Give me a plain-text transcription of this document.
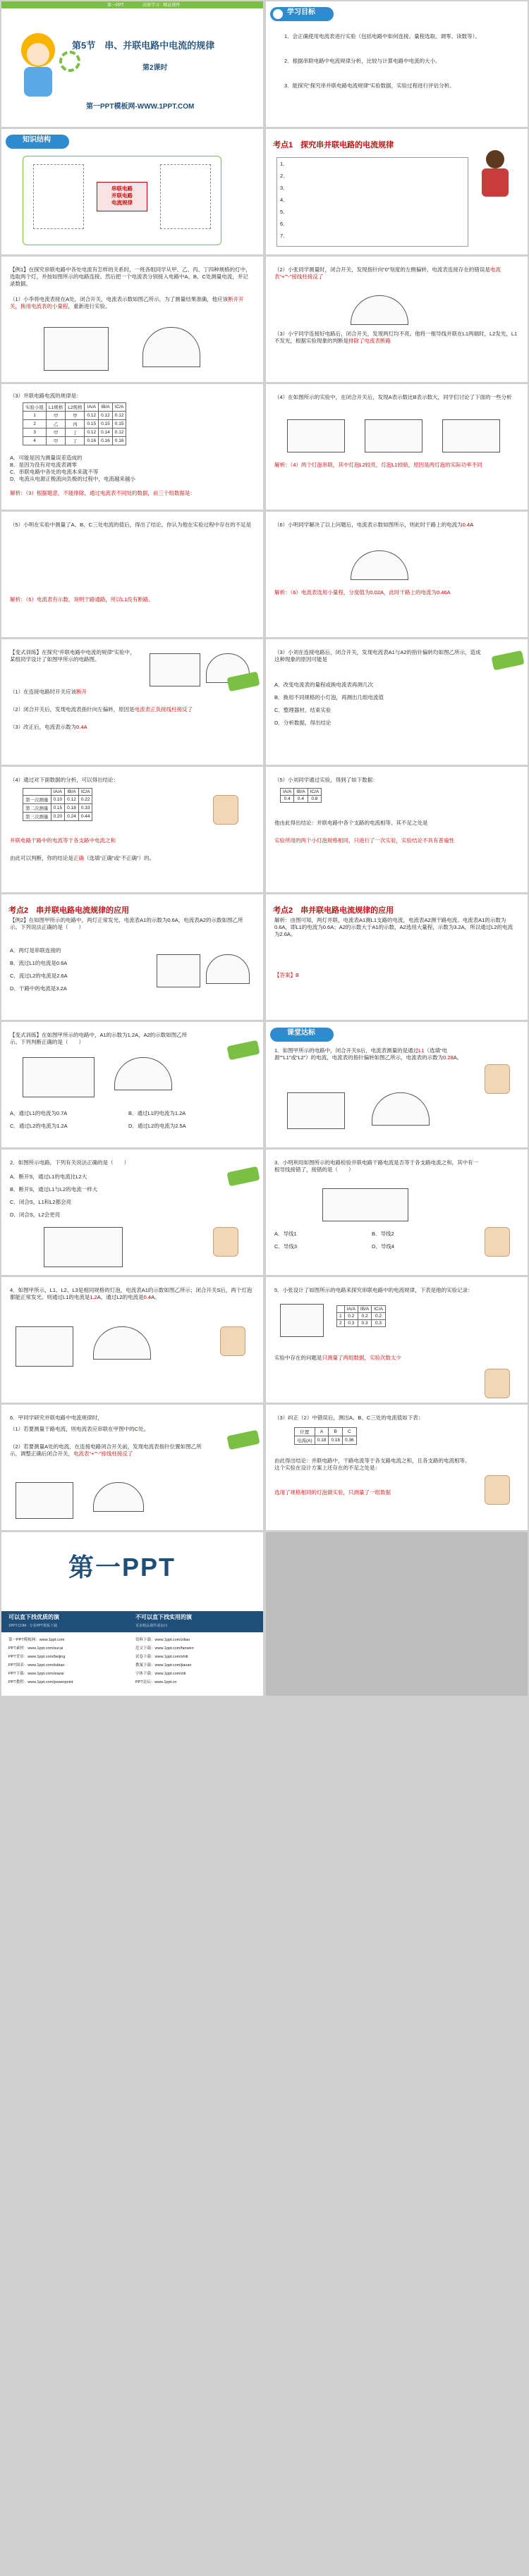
第一PPT	高效学习 · 精品课件
第5节　串、并联电路中电流的规律
第2课时
第一PPT模板网-WWW.1PPT.COM
学习目标
1．会正确使用电流表进行实验（包括电路中如何连接、量程选取、调零、读数等）。
2．根据串联电路中电流规律分析，比较与计算电路中电流的大小。
3．能探究“探究串并联电路电流规律”实验数据，实验过程进行评估分析。
知识结构
串联电路
并联电路
电流规律
考点1　探究串并联电路的电流规律
1．
2．
3．
4．
5．
6．
7．
【例1】在探究串联电路中各处电流有怎样的关系时，一班各组同学从甲、乙、丙、丁四种规格的灯中，选取两个灯，并按如图所示的电路连接。然后把一个电流表分别接入电路中A、B、C处测量电流，并记录数据。
（1）小李将电流表接在A处，闭合开关，电流表示数如图乙所示，为了测量结果准确，他应该断开开关，换用电流表的小量程，重新进行实验。
（2）小张同学测量时，闭合开关，发现指针向“0”刻度的左侧偏转，电流表连接存在的错误是电流表“+”“-”接线柱接反了
（3）小宇同学连接好电路后，闭合开关，发现两灯均不亮。他将一根导线并联在L1两端时，L2发光，L1不发光，根据实验现象的判断是排除了电流表断路
（3）并联电路电流的规律是：
实验小组	L1规格	L2规格	IA/A	IB/A	IC/A
1	甲	甲	0.12	0.12	0.12
2	乙	丙	0.15	0.15	0.15
3	甲	丁	0.12	0.14	0.12
4	甲	丁	0.16	0.16	0.16
A．可能是因为测量误差造成的
B．是因为没有对电流表调零
C．串联电路中各处的电流本来就不等
D．电流从电源正极流向负极的过程中，电流越来越小
解析：（3）根据题意，不能排除，通过电流表不同处的数据，前三个组数据是：
（4）在如图所示的实验中，在闭合开关后，发现A表示数比B表示数大，同学们讨论了下面的一些分析
解析：（4）两个灯泡串联，其中灯泡L2较亮，灯泡L1较暗，原因是两灯泡的实际功率不同
（5）小明在实验中测量了A、B、C三处电流的值后，得出了结论。你认为他在实验过程中存在的不足是
解析：（5）电流表有示数，说明干路通路，所以L1没有断路。
（6）小明同学解决了以上问题后，电流表示数如图所示，则此时干路上的电流为0.4A
解析：（6）电流表选用小量程，分度值为0.02A，此时干路上的电流为0.46A
【变式训练】在探究“并联电路中电流的规律”实验中，某组同学设计了如图甲所示的电路图。
（1）在连接电路时开关应该断开
（2）闭合开关后，发现电流表指针向左偏转，原因是电流表正负接线柱接反了
（3）改正后，电流表示数为0.4A
（3）小刘在连接电路后，闭合开关，发现电流表A1与A2的指针偏转均如图乙所示，造成这种现象的原因可能是
A．改变电流表的量程或换电流表再测几次
B．换用不同规格的小灯泡，再测出几组电流值
C．整理器材，结束实验
D．分析数据，得出结论
（4）通过对下面数据的分析，可以得出结论：
	IA/A	IB/A	IC/A
第一次测量	0.10	0.12	0.22
第二次测量	0.15	0.18	0.33
第三次测量	0.20	0.24	0.44
并联电路干路中的电流等于各支路中电流之和
由此可以判断，你的结论是正确（选填“正确”或“不正确”）的。
（5）小刘同学通过实验，得到了如下数据：
IA/A	IB/A	IC/A
0.4	0.4	0.8
他由此得出结论：并联电路中各个支路的电流相等。其不足之处是
实验所用的两个小灯泡规格相同，只进行了一次实验，实验结论不具有普遍性
考点2　串并联电路电流规律的应用
【例2】在如图甲所示的电路中，两灯正常发光，电流表A1的示数为0.6A，电流表A2的示数如图乙所示。下列说法正确的是（　　）
A．两灯是串联连接的
B．流过L1的电流是0.6A
C．流过L2的电流是2.6A
D．干路中的电流是3.2A
考点2　串并联电路电流规律的应用
解析：由图可知，两灯并联，电流表A1测L1支路的电流，电流表A2测干路电流。电流表A1的示数为0.6A，即L1的电流为0.6A；A2的示数大于A1的示数，A2选用大量程，示数为3.2A，所以通过L2的电流为2.6A。
【答案】B
【变式训练】在如图甲所示的电路中，A1的示数为1.2A，A2的示数如图乙所示。下列判断正确的是（　　）
A．通过L1的电流为0.7A	B．通过L1的电流为1.2A
C．通过L2的电流为1.2A	D．通过L2的电流为2.5A
课堂达标
1．如图甲所示的电路中，闭合开关S后，电流表测量的是通过L1（选填“电源”“L1”或“L2”）的电流，电流表的指针偏转如图乙所示，电流表的示数为0.28A。
2．如图所示电路，下列有关说法正确的是（　　）
A．断开S，通过L1的电流比L2大
B．断开S，通过L1与L2的电流一样大
C．闭合S，L1和L2都会亮
D．闭合S，L2会更亮
3．小明利用如图所示的电路检验并联电路干路电流是否等于各支路电流之和，其中有一根导线接错了，接错的是（　　）
A．导线1	B．导线2
C．导线3	D．导线4
4．如图甲所示，L1、L2、L3是相同规格的灯泡，电流表A1的示数如图乙所示；闭合开关S后，两个灯泡都能正常发光。则通过L1的电流是1.2A，通过L2的电流是0.4A。
5．小张设计了如图所示的电路来探究串联电路中的电流规律，下表是他的实验记录：
	IA/A	IB/A	IC/A
1	0.2	0.2	0.2
2	0.3	0.3	0.3
实验中存在的问题是只测量了两组数据，实验次数太少
6．甲同学研究并联电路中电流规律时，
（1）若要测量干路电流，则电流表应串联在甲图中的C处。
（2）若要测量A处的电流，在连接电路闭合开关前，发现电流表指针位置如图乙所示，调整正确后闭合开关，电流表“+”“-”接线柱接反了
（3）纠正（2）中错误后，测出A、B、C三处的电流值如下表：
位置	A	B	C
电流(A)	0.18	0.18	0.36
由此得出结论：并联电路中，干路电流等于各支路电流之和，且各支路的电流相等。这个实验在设计方案上还存在的不足之处是：
选用了规格相同的灯泡做实验，只测量了一组数据
第一PPT
可以直下找优质的演	不可以直下找实用的演
1PPT.COM · 专业PPT模板下载	更多精品课件请访问
第一PPT模板网：www.1ppt.com
PPT素材：www.1ppt.com/sucai
PPT背景：www.1ppt.com/beijing
PPT图表：www.1ppt.com/tubiao
PPT下载：www.1ppt.com/xiazai
PPT教程：www.1ppt.com/powerpoint
资料下载：www.1ppt.com/ziliao
范文下载：www.1ppt.com/fanwen
试卷下载：www.1ppt.com/shiti
教案下载：www.1ppt.com/jiaoan
字体下载：www.1ppt.com/ziti
PPT论坛：www.1ppt.cn
